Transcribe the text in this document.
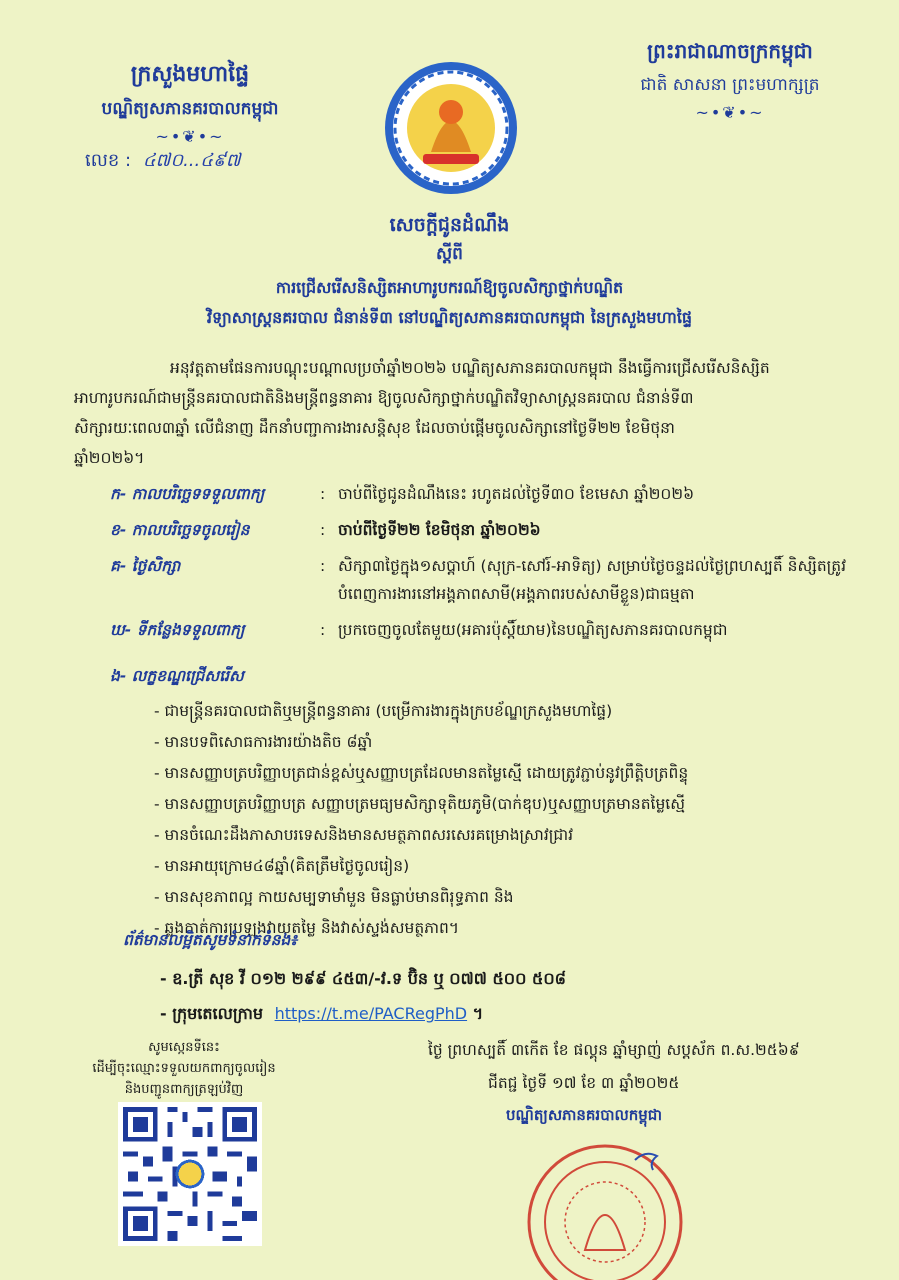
ក្រសួងមហាផ្ទៃ
បណ្ឌិត្យសភានគរបាលកម្ពុជា
~•❦•~
លេខ : ៤៧០...៤៩៧
ព្រះរាជាណាចក្រកម្ពុជា
ជាតិ សាសនា ព្រះមហាក្សត្រ
~•❦•~
សេចក្ដីជូនដំណឹង
ស្ដីពី
ការជ្រើសរើសនិស្សិតអាហារូបករណ៍ឱ្យចូលសិក្សាថ្នាក់បណ្ឌិត
វិទ្យាសាស្ត្រនគរបាល ជំនាន់ទី៣ នៅបណ្ឌិត្យសភានគរបាលកម្ពុជា នៃក្រសួងមហាផ្ទៃ

អនុវត្តតាមផែនការបណ្ដុះបណ្ដាលប្រចាំឆ្នាំ២០២៦ បណ្ឌិត្យសភានគរបាលកម្ពុជា នឹងធ្វើការជ្រើសរើសនិស្សិត

អាហារូបករណ៍ជាមន្ត្រីនគរបាលជាតិនិងមន្ត្រីពន្ធនាគារ ឱ្យចូលសិក្សាថ្នាក់បណ្ឌិតវិទ្យាសាស្ត្រនគរបាល ជំនាន់ទី៣

សិក្សារយៈពេល៣ឆ្នាំ លើជំនាញ ដឹកនាំបញ្ជាការងារសន្តិសុខ ដែលចាប់ផ្ដើមចូលសិក្សានៅថ្ងៃទី២២ ខែមិថុនា

ឆ្នាំ២០២៦។

ក- កាលបរិច្ឆេទទទួលពាក្យ	: ចាប់ពីថ្ងៃជូនដំណឹងនេះ រហូតដល់ថ្ងៃទី៣០ ខែមេសា ឆ្នាំ២០២៦
ខ- កាលបរិច្ឆេទចូលរៀន	: ចាប់ពីថ្ងៃទី២២ ខែមិថុនា ឆ្នាំ២០២៦
គ- ថ្ងៃសិក្សា	: សិក្សា៣ថ្ងៃក្នុង១សប្ដាហ៍ (សុក្រ-សៅរ៍-អាទិត្យ) សម្រាប់ថ្ងៃចន្ទដល់ថ្ងៃព្រហស្បតិ៍ និស្សិតត្រូវបំពេញការងារនៅអង្គភាពសាមី(អង្គភាពរបស់សាមីខ្លួន)ជាធម្មតា
ឃ- ទីកន្លែងទទួលពាក្យ	: ប្រកចេញចូលតែមួយ(អគារប៉ុស្តិ៍យាម)នៃបណ្ឌិត្យសភានគរបាលកម្ពុជា
ង- លក្ខខណ្ឌជ្រើសរើស
- ជាមន្ត្រីនគរបាលជាតិឬមន្ត្រីពន្ធនាគារ (បម្រើការងារក្នុងក្របខ័ណ្ឌក្រសួងមហាផ្ទៃ)
- មានបទពិសោធការងារយ៉ាងតិច ៨ឆ្នាំ
- មានសញ្ញាបត្របរិញ្ញាបត្រជាន់ខ្ពស់ឬសញ្ញាបត្រដែលមានតម្លៃស្មើ ដោយត្រូវភ្ជាប់នូវព្រឹត្តិបត្រពិន្ទុ
- មានសញ្ញាបត្របរិញ្ញាបត្រ សញ្ញាបត្រមធ្យមសិក្សាទុតិយភូមិ(បាក់ឌុប)ឬសញ្ញាបត្រមានតម្លៃស្មើ
- មានចំណេះដឹងភាសាបរទេសនិងមានសមត្ថភាពសរសេរគម្រោងស្រាវជ្រាវ
- មានអាយុក្រោម៤៨ឆ្នាំ(គិតត្រឹមថ្ងៃចូលរៀន)
- មានសុខភាពល្អ កាយសម្បទាមាំមួន មិនធ្លាប់មានពិរុទ្ធភាព និង
- ឆ្លងកាត់ការប្រឡងវាយតម្លៃ និងវាស់ស្ទង់សមត្ថភាព។
ព័ត៌មានលម្អិតសូមទំនាក់ទំនង៖
- ឧ.ត្រី សុខ វី ០១២ ២៩៩ ៤៥៣/-វ.ទ ប៊ិន ឬ ០៧៧ ៥០០ ៥០៨
- ក្រុមតេលេក្រាម https://t.me/PACRegPhD ។
សូមស្កេនទីនេះ
ដើម្បីចុះឈ្មោះទទួលយកពាក្យចូលរៀន
និងបញ្ជូនពាក្យត្រឡប់វិញ
ថ្ងៃ ព្រហស្បតិ៍ ៣កើត ខែ ផល្គុន ឆ្នាំម្សាញ់ សប្តស័ក ព.ស.២៥៦៩
ជីតជ្ជ ថ្ងៃទី ១៧ ខែ ៣ ឆ្នាំ២០២៥
បណ្ឌិត្យសភានគរបាលកម្ពុជា
